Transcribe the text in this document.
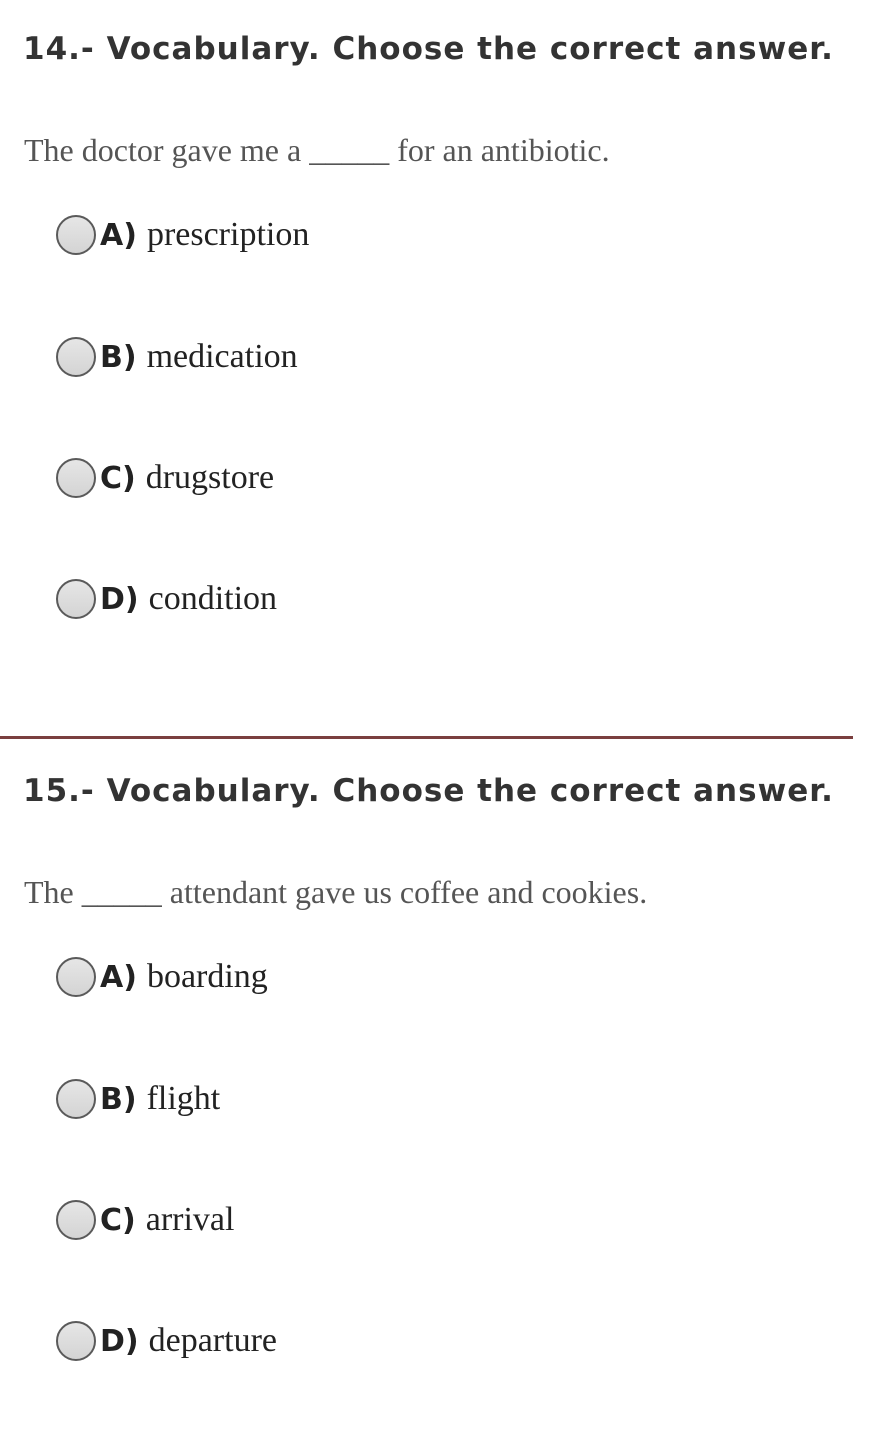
14.- Vocabulary. Choose the correct answer.

The doctor gave me a _____ for an antibiotic.

A) prescription
B) medication
C) drugstore
D) condition
15.- Vocabulary. Choose the correct answer.

The _____ attendant gave us coffee and cookies.

A) boarding
B) flight
C) arrival
D) departure
